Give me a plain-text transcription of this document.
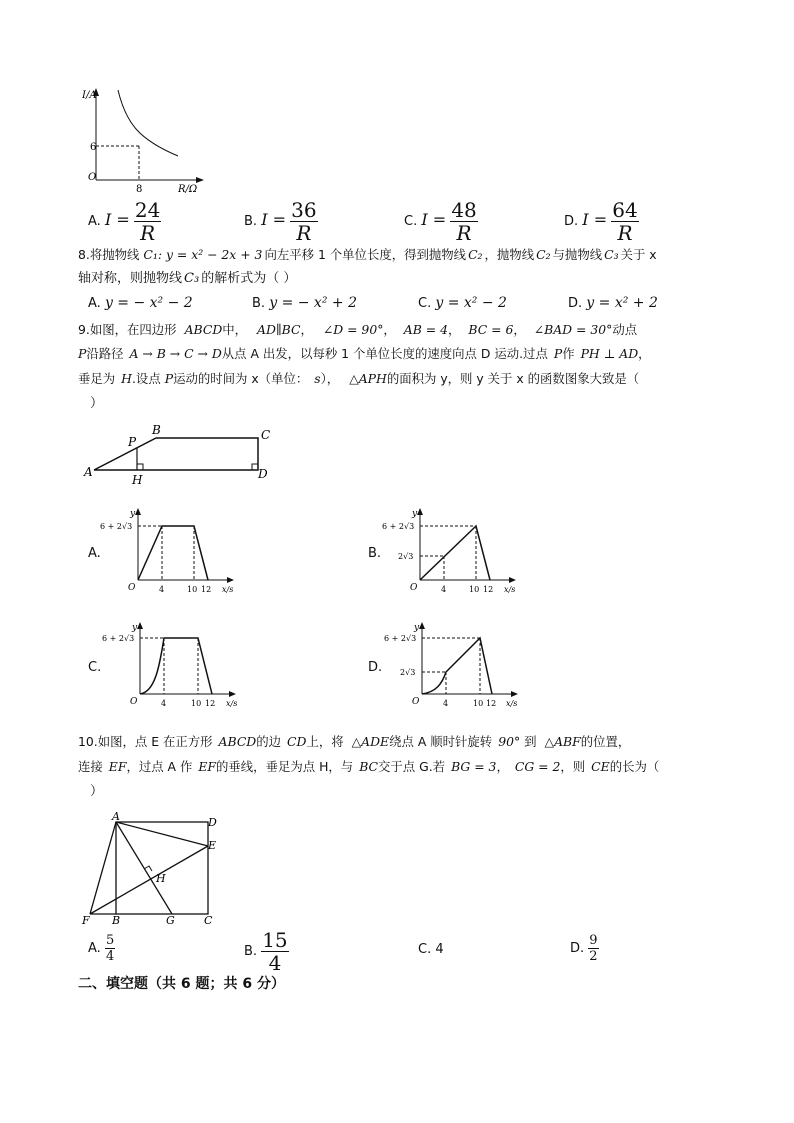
I/A
R/Ω
O
6
8
A. $I = \frac{24}{R}$	B. $I = \frac{36}{R}$	C. $I = \frac{48}{R}$	D. $I = \frac{64}{R}$
8.将抛物线 C₁: y = x² − 2x + 3 向左平移 1 个单位长度，得到抛物线 C₂ ，抛物线 C₂ 与抛物线 C₃ 关于 x
轴对称，则抛物线 C₃ 的解析式为（ ）
A. y = − x² − 2	B. y = − x² + 2	C. y = x² − 2	D. y = x² + 2
9.如图，在四边形 ABCD中， AD∥BC， ∠D = 90°， AB = 4， BC = 6， ∠BAD = 30°动点
P沿路径 A → B → C → D从点 A 出发，以每秒 1 个单位长度的速度向点 D 运动.过点 P作 PH ⊥ AD，
垂足为 H.设点 P运动的时间为 x（单位： s）， △APH的面积为 y，则 y 关于 x 的函数图象大致是（
）
A
B	C
D
P
H
A.	B.
C.	D.
y
6 + 2√3
O	4	10 12 x/s
y
6 + 2√3
2√3
O	4	10 12 x/s
y
6 + 2√3
O	4	10 12 x/s
y
6 + 2√3
2√3
O	4	10 12 x/s
10.如图，点 E 在正方形 ABCD的边 CD上，将 △ADE绕点 A 顺时针旋转 90° 到 △ABF的位置，
连接 EF，过点 A 作 EF的垂线，垂足为点 H，与 BC交于点 G.若 BG = 3， CG = 2，则 CE的长为（
）
A	D
E
H
F B	G	C
A. $\frac{5}{4}$	B. $\frac{15}{4}$	C. 4	D. $\frac{9}{2}$
二、填空题（共 6 题；共 6 分）
